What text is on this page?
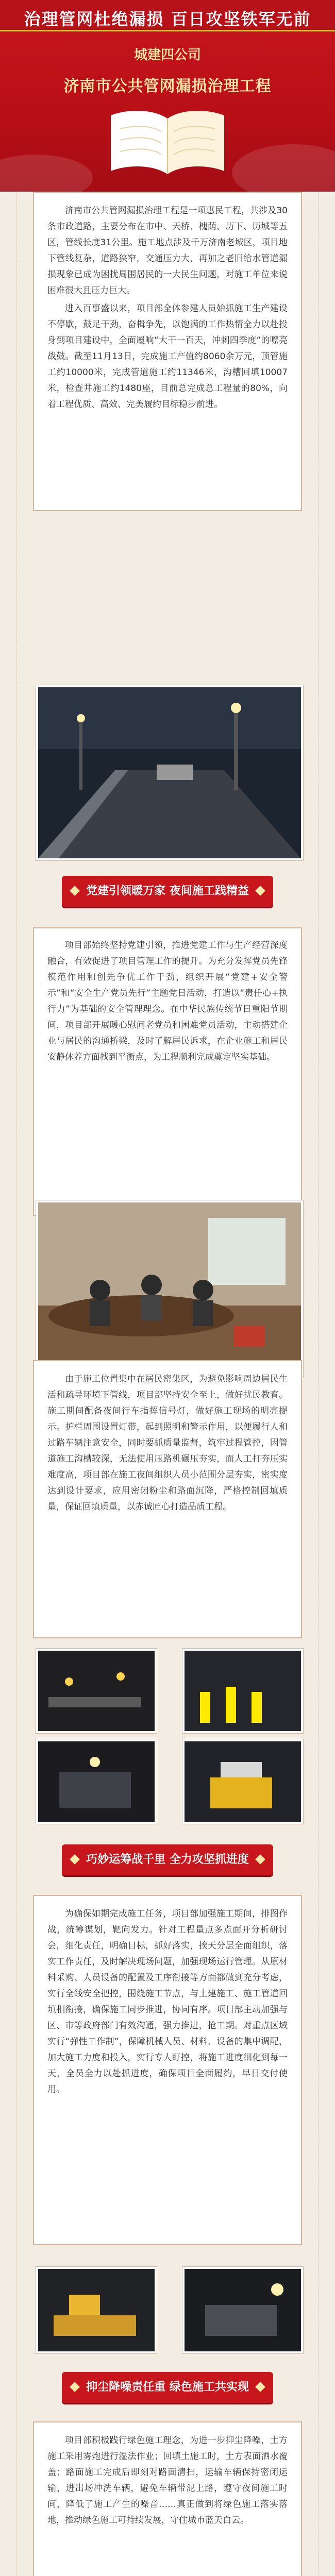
治理管网杜绝漏损 百日攻坚铁军无前
城建四公司
济南市公共管网漏损治理工程

济南市公共管网漏损治理工程是一项惠民工程，共涉及30条市政道路，主要分布在市中、天桥、槐荫、历下、历城等五区，管线长度31公里。施工地点涉及千万济南老城区，项目地下管线复杂，道路狭窄，交通压力大，再加之老旧给水管道漏损现象已成为困扰周围居民的一大民生问题，对施工单位来说困难很大且压力巨大。

进入百事盛以来，项目部全体参建人员始抓施工生产建设不停歇，鼓足干劲，奋楫争先，以饱满的工作热情全力以赴投身到项目建设中，全面履响“大干一百天，冲刺四季度”的嘹亮战鼓。截至11月13日，完成施工产值约8060余万元，顶管施工约10000米，完成管道施工约11346米，沟槽回填10007米，检查井施工约1480座，目前总完成总工程量的80%，向着工程优质、高效、完美履约目标稳步前进。

党建引领暖万家 夜间施工践精益

项目部始终坚持党建引领，推进党建工作与生产经营深度融合，有效促进了项目管理工作的提升。为充分发挥党员先锋模范作用和创先争优工作干劲，组织开展“党建+安全警示”和“安全生产党员先行”主题党日活动，打造以“责任心+执行力”为基础的安全管理理念。在中华民族传统节日重阳节期间，项目部开展暖心慰问老党员和困难党员活动，主动搭建企业与居民的沟通桥梁，及时了解居民诉求，在企业施工和居民安静休养方面找到平衡点，为工程顺利完成奠定坚实基础。

由于施工位置集中在居民密集区，为避免影响周边居民生活和疏导环境下管线，项目部坚持安全至上，做好扰民教育。施工期间配备夜间行车指挥信号灯，做好施工现场的明亮提示。护栏周围设置灯带，起到照明和警示作用，以便履行人和过路车辆注意安全，同时要抓质量监督，筑牢过程管控，因管道施工沟槽较深，无法使用压路机碾压夯实，而人工打夯压实难度高，项目部在施工夜间组织人员小范围分层夯实，密实度达到设计要求，应用密闭粉尘和路面沉降，严格控制回填质量，保证回填质量，以赤诚匠心打造品质工程。

巧妙运筹战千里 全力攻坚抓进度

为确保如期完成施工任务，项目部加强施工期间，排图作战，统筹谋划，靶向发力。针对工程量点多点面开分析研讨会，细化责任，明确目标，抓好落实，挨天分层全面组织，落实工作责任，及时解决现场问题，加强现场运行管理。从原材料采购、人员设备的配置及工序衔接等方面都做到充分考虑，实行全线安全把控，围绕施工节点，与土建施工、施工管道回填相衔接，确保施工同步推进，协同有序。项目部主动加强与区、市等政府部门有效沟通，强力推进，抢工期。对重点区域实行“弹性工作制”，保障机械人员、材料、设备的集中调配，加大施工力度和投入，实行专人盯控，将施工进度细化到每一天，全员全力以赴抓进度，确保项目全面履约，早日交付使用。

抑尘降噪责任重 绿色施工共实现

项目部积极践行绿色施工理念，为进一步抑尘降噪，土方施工采用雾炮进行湿法作业；回填土施工时，土方表面洒水覆盖；路面施工完成后即刻对路面清扫，运输车辆保持密闭运输，进出场冲洗车辆，避免车辆带泥上路，遵守夜间施工时间，降低了施工产生的噪音……真正做到将绿色施工落实落地，推动绿色施工可持续发展，守住城市蓝天白云。
